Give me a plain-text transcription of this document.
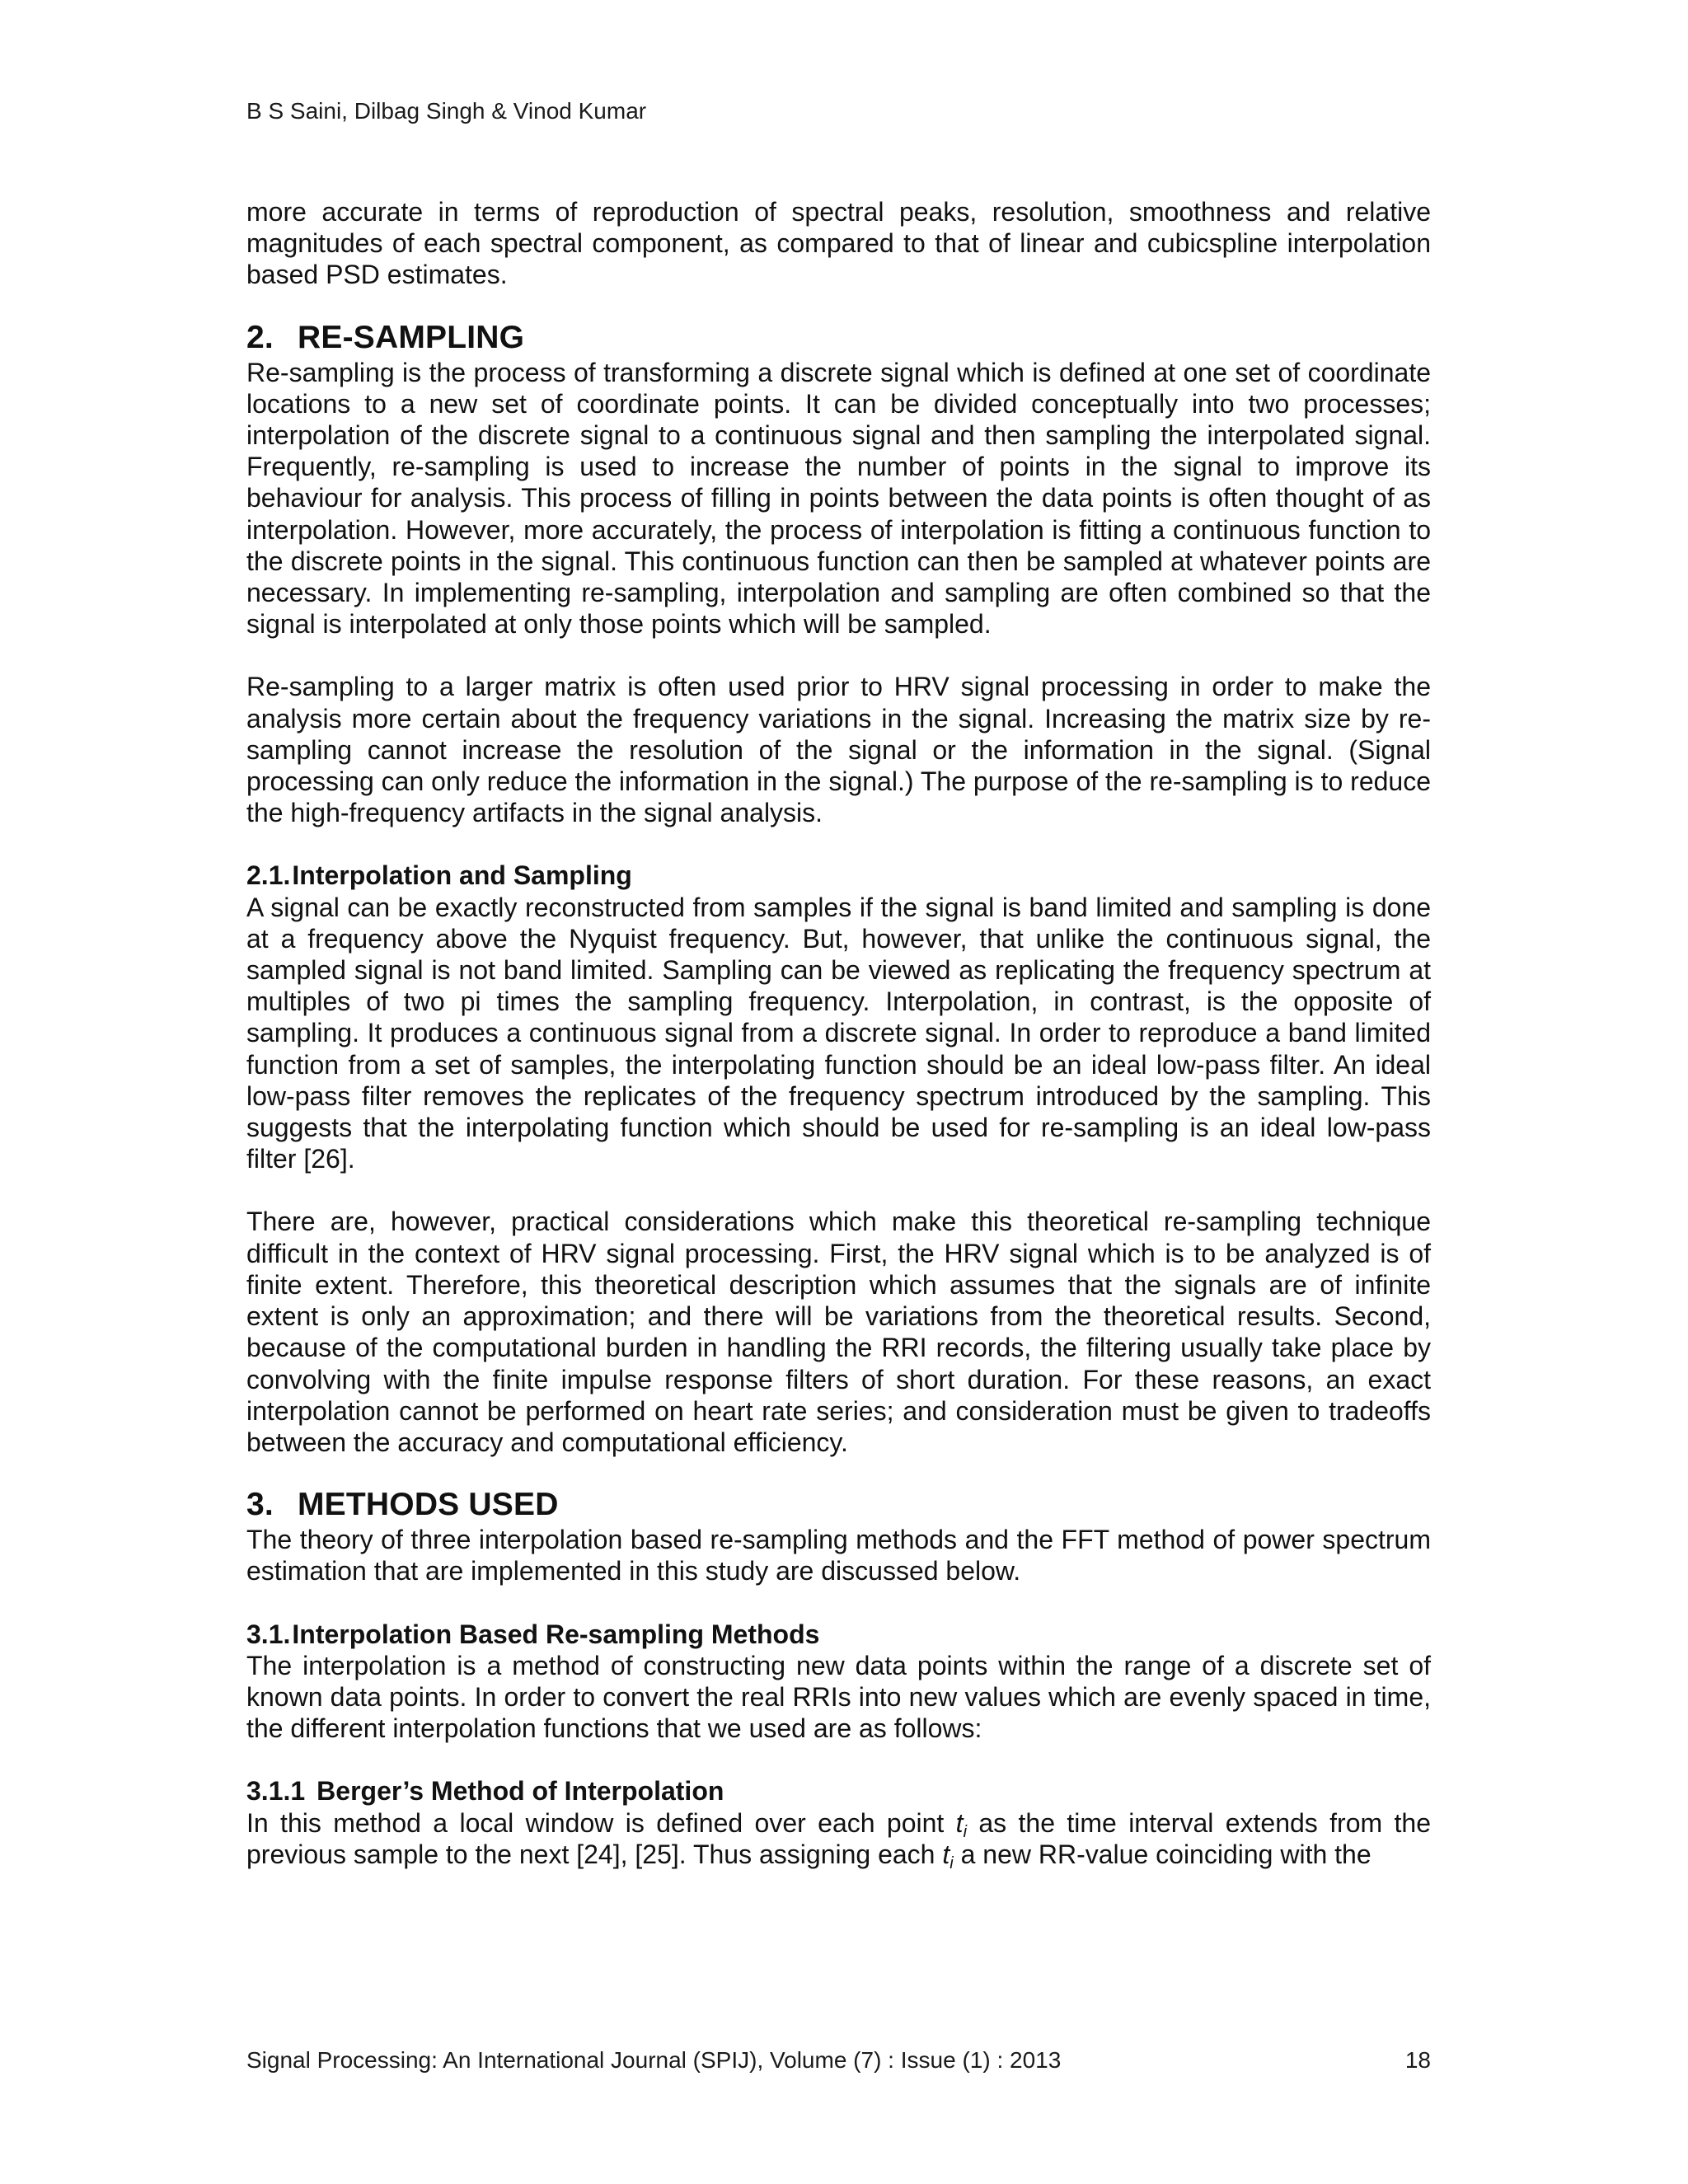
B S Saini, Dilbag Singh & Vinod Kumar

more accurate in terms of reproduction of spectral peaks, resolution, smoothness and relative magnitudes of each spectral component, as compared to that of linear and cubicspline interpolation based PSD estimates.

2. RE-SAMPLING

Re-sampling is the process of transforming a discrete signal which is defined at one set of coordinate locations to a new set of coordinate points. It can be divided conceptually into two processes; interpolation of the discrete signal to a continuous signal and then sampling the interpolated signal. Frequently, re-sampling is used to increase the number of points in the signal to improve its behaviour for analysis. This process of filling in points between the data points is often thought of as interpolation. However, more accurately, the process of interpolation is fitting a continuous function to the discrete points in the signal. This continuous function can then be sampled at whatever points are necessary. In implementing re-sampling, interpolation and sampling are often combined so that the signal is interpolated at only those points which will be sampled.

Re-sampling to a larger matrix is often used prior to HRV signal processing in order to make the analysis more certain about the frequency variations in the signal. Increasing the matrix size by re-sampling cannot increase the resolution of the signal or the information in the signal. (Signal processing can only reduce the information in the signal.) The purpose of the re-sampling is to reduce the high-frequency artifacts in the signal analysis.

2.1.Interpolation and Sampling

A signal can be exactly reconstructed from samples if the signal is band limited and sampling is done at a frequency above the Nyquist frequency. But, however, that unlike the continuous signal, the sampled signal is not band limited. Sampling can be viewed as replicating the frequency spectrum at multiples of two pi times the sampling frequency. Interpolation, in contrast, is the opposite of sampling. It produces a continuous signal from a discrete signal. In order to reproduce a band limited function from a set of samples, the interpolating function should be an ideal low-pass filter. An ideal low-pass filter removes the replicates of the frequency spectrum introduced by the sampling. This suggests that the interpolating function which should be used for re-sampling is an ideal low-pass filter [26].

There are, however, practical considerations which make this theoretical re-sampling technique difficult in the context of HRV signal processing. First, the HRV signal which is to be analyzed is of finite extent. Therefore, this theoretical description which assumes that the signals are of infinite extent is only an approximation; and there will be variations from the theoretical results. Second, because of the computational burden in handling the RRI records, the filtering usually take place by convolving with the finite impulse response filters of short duration. For these reasons, an exact interpolation cannot be performed on heart rate series; and consideration must be given to tradeoffs between the accuracy and computational efficiency.

3. METHODS USED

The theory of three interpolation based re-sampling methods and the FFT method of power spectrum estimation that are implemented in this study are discussed below.

3.1.Interpolation Based Re-sampling Methods

The interpolation is a method of constructing new data points within the range of a discrete set of known data points. In order to convert the real RRIs into new values which are evenly spaced in time, the different interpolation functions that we used are as follows:

3.1.1 Berger’s Method of Interpolation

In this method a local window is defined over each point $t_i$ as the time interval extends from the previous sample to the next [24], [25]. Thus assigning each $t_i$ a new RR-value coinciding with the

Signal Processing: An International Journal (SPIJ), Volume (7) : Issue (1) : 2013	18
